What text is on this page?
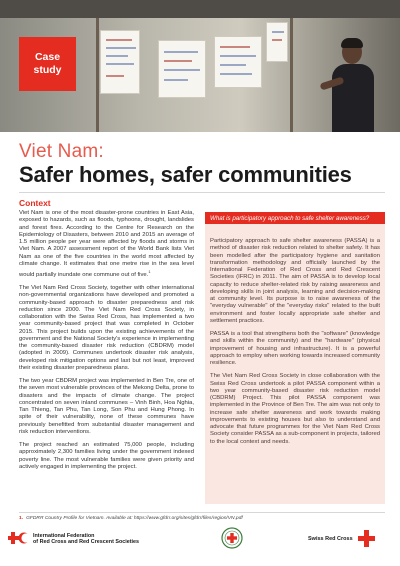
Case
study
Viet Nam:
Safer homes, safer communities
Context

Viet Nam is one of the most disaster-prone countries in East Asia, exposed to hazards, such as floods, typhoons, drought, landslides and forest fires. According to the Centre for Research on the Epidemiology of Disasters, between 2010 and 2015 an average of 1.5 million people per year were affected by floods and storms in Viet Nam. A 2007 assessment report of the World Bank lists Viet Nam as one of the five countries in the world most affected by climate change. It estimates that one metre rise in the sea level would partially inundate one commune out of five.$^1$

The Viet Nam Red Cross Society, together with other international non-governmental organizations have developed and promoted a community-based approach to disaster preparedness and risk reduction since 2000. The Viet Nam Red Cross Society, in collaboration with the Swiss Red Cross, has implemented a two year community-based project that was completed in October 2015. This project builds upon the existing achievements of the government and the National Society's experience in implementing the community-based disaster risk reduction (CBDRM) model (adopted in 2009). Communes undertook disaster risk analysis, developed risk mitigation options and last but not least, improved their existing disaster preparedness plans.

The two year CBDRM project was implemented in Ben Tre, one of the seven most vulnerable provinces of the Mekong Delta, prone to disasters and the impacts of climate change. The project concentrated on seven inland communes – Vinh Binh, Hoa Nghia, Tan Thieng, Tan Phu, Tan Long, Son Phu and Hung Phong. In spite of their vulnerability, none of these communes have previously benefitted from substantial disaster management and risk reduction interventions.

The project reached an estimated 75,000 people, including approximately 2,300 families living under the government indexed poverty line. The most vulnerable families were given priority and actively engaged in implementing the project.

What is participatory approach to safe shelter awareness?

Participatory approach to safe shelter awareness (PASSA) is a method of disaster risk reduction related to shelter safety. It has been modelled after the participatory hygiene and sanitation transformation methodology and officially launched by the International Federation of Red Cross and Red Crescent Societies (IFRC) in 2011. The aim of PASSA is to develop local capacity to reduce shelter-related risk by raising awareness and developing skills in joint analysis, learning and decision-making at community level. Its purpose is to raise awareness of the "everyday vulnerable" of the "everyday risks" related to the built environment and foster locally appropriate safe shelter and settlement practices.

PASSA is a tool that strengthens both the "software" (knowledge and skills within the community) and the "hardware" (physical improvement of housing and infrastructure). It is a powerful approach to employ when working towards increased community resilience.

The Viet Nam Red Cross Society in close collaboration with the Swiss Red Cross undertook a pilot PASSA component within a two year community-based disaster risk reduction model (CBDRM) Project. This pilot PASSA component was implemented in the Province of Ben Tre. The aim was not only to increase safe shelter awareness and work towards making improvements to existing houses but also to understand and advocate that future programmes for the Viet Nam Red Cross Society consider PASSA as a sub-component in projects, tailored to the local context and needs.

1. GFDRR Country Profile for Vietnam. Available at: https://www.gfdrr.org/sites/gfdrr/files/region/VN.pdf
International Federation
of Red Cross and Red Crescent Societies
Swiss Red Cross
